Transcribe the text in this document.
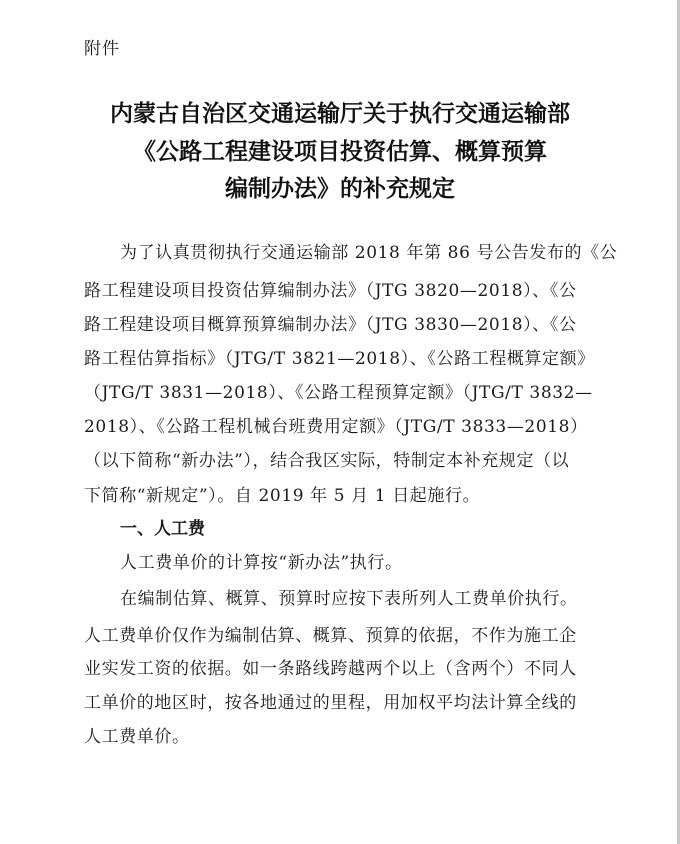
附件
内蒙古自治区交通运输厅关于执行交通运输部
《公路工程建设项目投资估算、概算预算
编制办法》的补充规定
为了认真贯彻执行交通运输部 2018 年第 86 号公告发布的《公
路工程建设项目投资估算编制办法》（JTG 3820—2018）、《公
路工程建设项目概算预算编制办法》（JTG 3830—2018）、《公
路工程估算指标》（JTG/T 3821—2018）、《公路工程概算定额》
（JTG/T 3831—2018）、《公路工程预算定额》（JTG/T 3832—
2018）、《公路工程机械台班费用定额》（JTG/T 3833—2018）
（以下简称“新办法”），结合我区实际，特制定本补充规定（以
下简称“新规定”）。自 2019 年 5 月 1 日起施行。
一、人工费
人工费单价的计算按“新办法”执行。
在编制估算、概算、预算时应按下表所列人工费单价执行。
人工费单价仅作为编制估算、概算、预算的依据，不作为施工企
业实发工资的依据。如一条路线跨越两个以上（含两个）不同人
工单价的地区时，按各地通过的里程，用加权平均法计算全线的
人工费单价。
